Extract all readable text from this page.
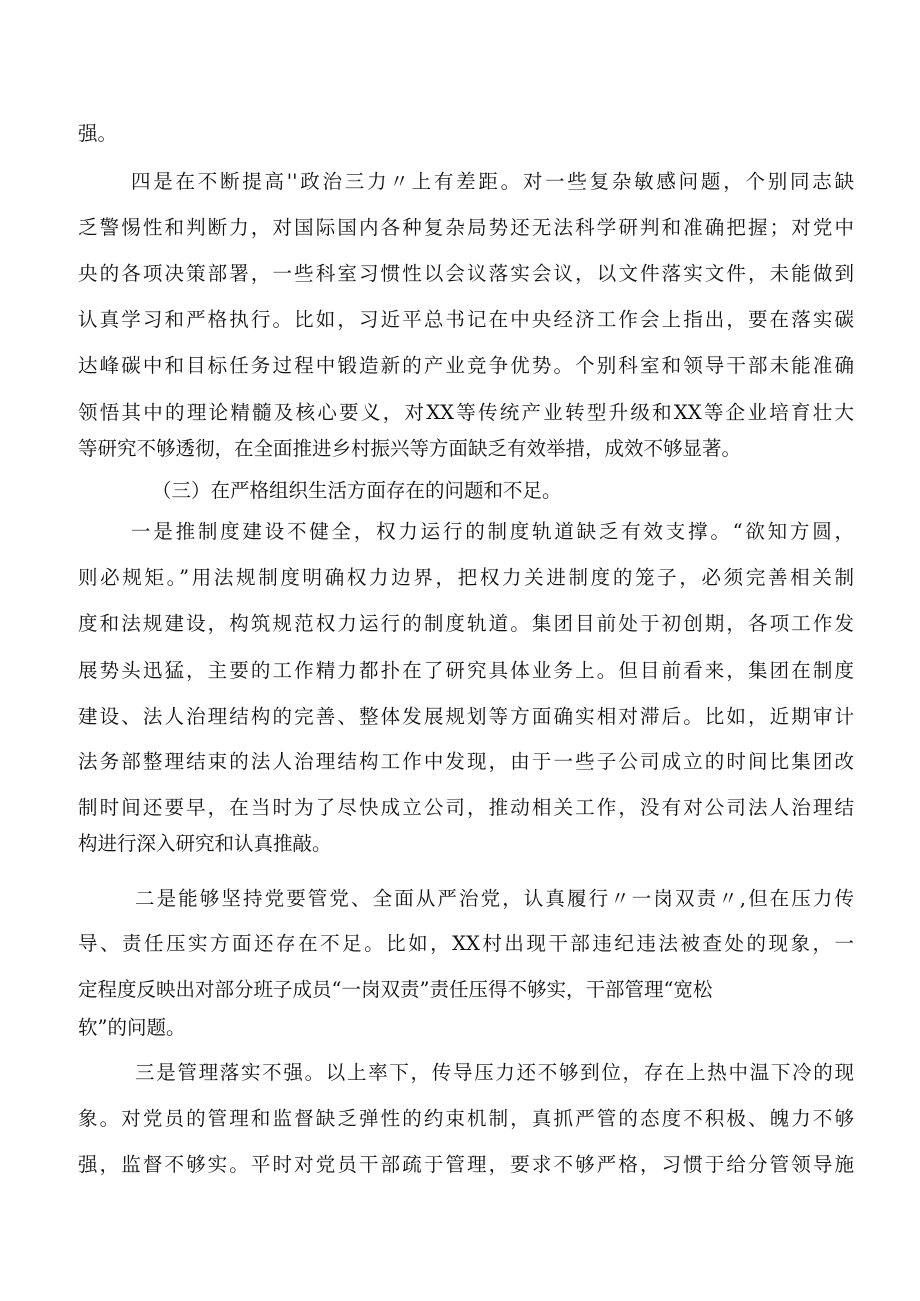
强。
四是在不断提高''政治三力〃上有差距。对一些复杂敏感问题，个别同志缺
乏警惕性和判断力，对国际国内各种复杂局势还无法科学研判和准确把握；对党中
央的各项决策部署，一些科室习惯性以会议落实会议，以文件落实文件，未能做到
认真学习和严格执行。比如，习近平总书记在中央经济工作会上指出，要在落实碳
达峰碳中和目标任务过程中锻造新的产业竞争优势。个别科室和领导干部未能准确
领悟其中的理论精髓及核心要义，对XX等传统产业转型升级和XX等企业培育壮大
等研究不够透彻，在全面推进乡村振兴等方面缺乏有效举措，成效不够显著。
（三）在严格组织生活方面存在的问题和不足。
一是推制度建设不健全，权力运行的制度轨道缺乏有效支撑。“欲知方圆，
则必规矩。”用法规制度明确权力边界，把权力关进制度的笼子，必须完善相关制
度和法规建设，构筑规范权力运行的制度轨道。集团目前处于初创期，各项工作发
展势头迅猛，主要的工作精力都扑在了研究具体业务上。但目前看来，集团在制度
建设、法人治理结构的完善、整体发展规划等方面确实相对滞后。比如，近期审计
法务部整理结束的法人治理结构工作中发现，由于一些子公司成立的时间比集团改
制时间还要早，在当时为了尽快成立公司，推动相关工作，没有对公司法人治理结
构进行深入研究和认真推敲。
二是能够坚持党要管党、全面从严治党，认真履行〃一岗双责〃,但在压力传
导、责任压实方面还存在不足。比如，XX村出现干部违纪违法被查处的现象，一
定程度反映出对部分班子成员“一岗双责”责任压得不够实，干部管理“宽松
软”的问题。
三是管理落实不强。以上率下，传导压力还不够到位，存在上热中温下冷的现
象。对党员的管理和监督缺乏弹性的约束机制，真抓严管的态度不积极、魄力不够
强，监督不够实。平时对党员干部疏于管理，要求不够严格，习惯于给分管领导施
